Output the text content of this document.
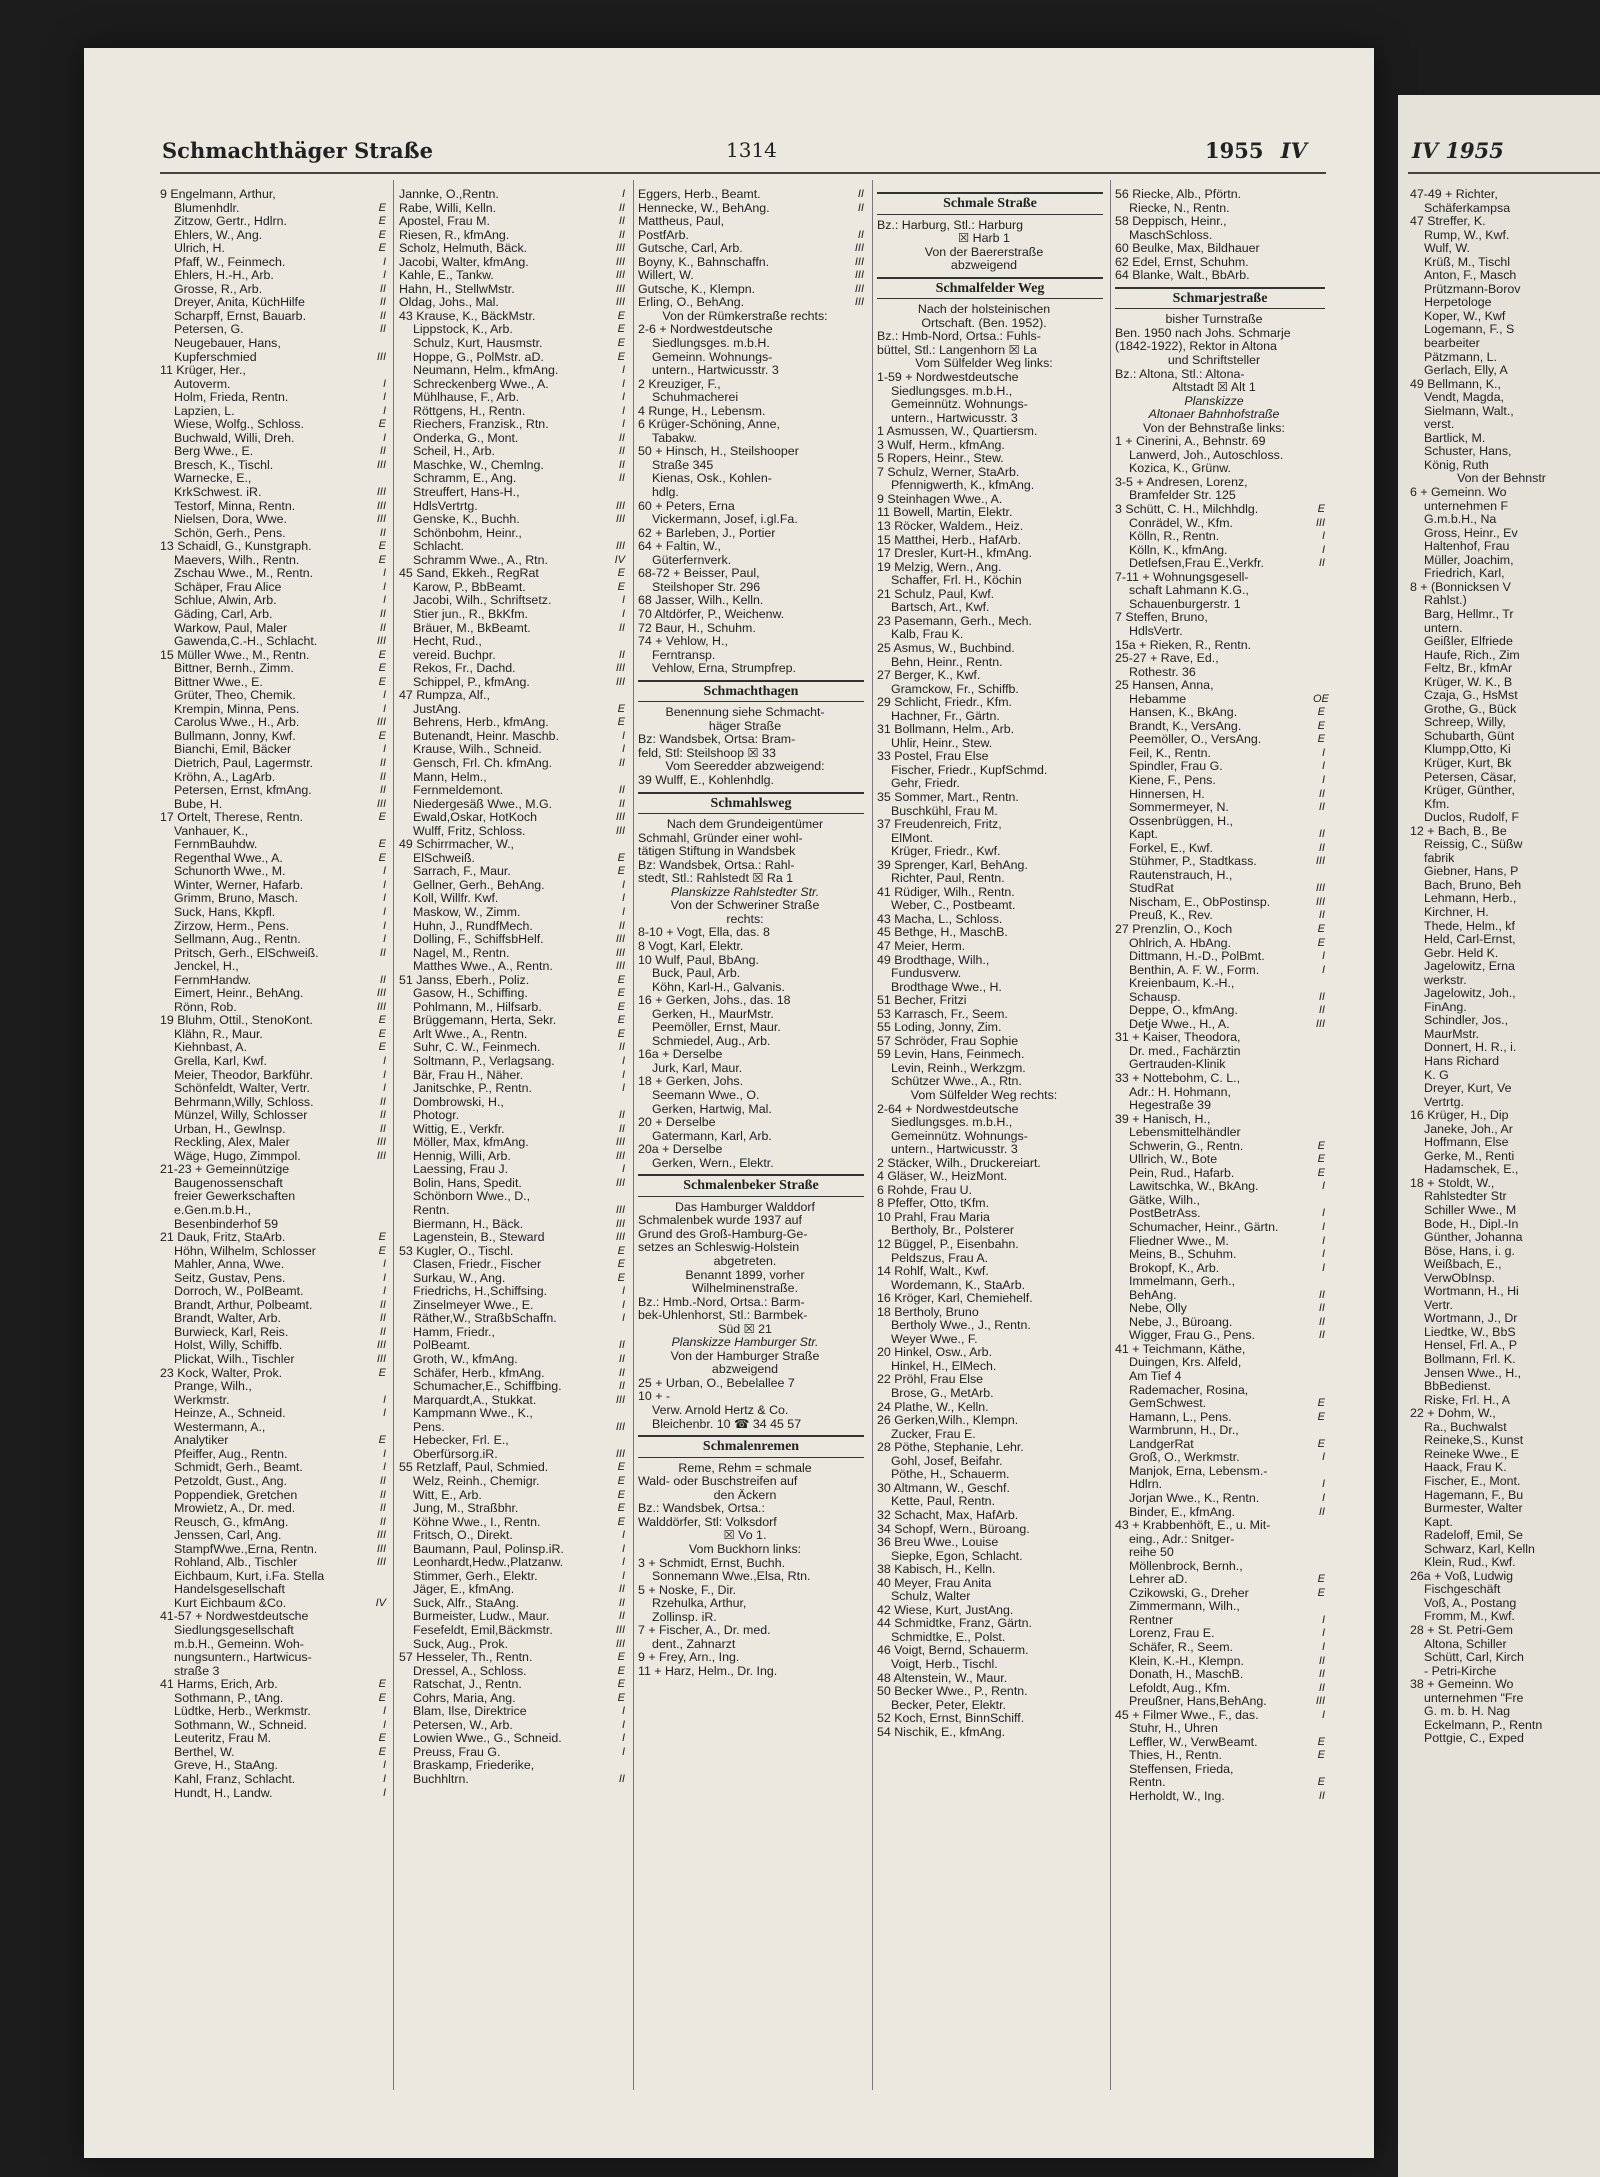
Schmachthäger Straße	1314	1955 IV	IV 1955
9 Engelmann, Arthur,
Blumenhdlr.	E
Zitzow, Gertr., Hdlrn.	E
Ehlers, W., Ang.	E
Ulrich, H.	E
Pfaff, W., Feinmech.	I
Ehlers, H.-H., Arb.	I
Grosse, R., Arb.	II
Dreyer, Anita, KüchHilfe	II
Scharpff, Ernst, Bauarb.	II
Petersen, G.	II
Neugebauer, Hans,
Kupferschmied	III
11 Krüger, Her.,
Autoverm.	I
Holm, Frieda, Rentn.	I
Lapzien, L.	I
Wiese, Wolfg., Schloss.	E
Buchwald, Willi, Dreh.	I
Berg Wwe., E.	II
Bresch, K., Tischl.	III
Warnecke, E.,
KrkSchwest. iR.	III
Testorf, Minna, Rentn.	III
Nielsen, Dora, Wwe.	III
Schön, Gerh., Pens.	II
13 Schaidl, G., Kunstgraph.	E
Maevers, Wilh., Rentn.	E
Zschau Wwe., M., Rentn.	I
Schäper, Frau Alice	I
Schlue, Alwin, Arb.	I
Gäding, Carl, Arb.	II
Warkow, Paul, Maler	II
Gawenda,C.-H., Schlacht.	III
15 Müller Wwe., M., Rentn.	E
Bittner, Bernh., Zimm.	E
Bittner Wwe., E.	E
Grüter, Theo, Chemik.	I
Krempin, Minna, Pens.	I
Carolus Wwe., H., Arb.	III
Bullmann, Jonny, Kwf.	E
Bianchi, Emil, Bäcker	I
Dietrich, Paul, Lagermstr.	II
Kröhn, A., LagArb.	II
Petersen, Ernst, kfmAng.	II
Bube, H.	III
17 Ortelt, Therese, Rentn.	E
Vanhauer, K.,
FernmBauhdw.	E
Regenthal Wwe., A.	E
Schunorth Wwe., M.	I
Winter, Werner, Hafarb.	I
Grimm, Bruno, Masch.	I
Suck, Hans, Kkpfl.	I
Zirzow, Herm., Pens.	I
Sellmann, Aug., Rentn.	I
Pritsch, Gerh., ElSchweiß.	II
Jenckel, H.,
FernmHandw.	II
Eimert, Heinr., BehAng.	III
Rönn, Rob.	III
19 Bluhm, Ottil., StenoKont.	E
Klähn, R., Maur.	E
Kiehnbast, A.	E
Grella, Karl, Kwf.	I
Meier, Theodor, Barkführ.	I
Schönfeldt, Walter, Vertr.	I
Behrmann,Willy, Schloss.	II
Münzel, Willy, Schlosser	II
Urban, H., Gewlnsp.	II
Reckling, Alex, Maler	III
Wäge, Hugo, Zimmpol.	III
21-23 + Gemeinnützige
Baugenossenschaft
freier Gewerkschaften
e.Gen.m.b.H.,
Besenbinderhof 59
21 Dauk, Fritz, StaArb.	E
Höhn, Wilhelm, Schlosser	E
Mahler, Anna, Wwe.	I
Seitz, Gustav, Pens.	I
Dorroch, W., PolBeamt.	I
Brandt, Arthur, Polbeamt.	II
Brandt, Walter, Arb.	II
Burwieck, Karl, Reis.	II
Holst, Willy, Schiffb.	III
Plickat, Wilh., Tischler	III
23 Kock, Walter, Prok.	E
Prange, Wilh.,
Werkmstr.	I
Heinze, A., Schneid.	I
Westermann, A.,
Analytiker	E
Pfeiffer, Aug., Rentn.	I
Schmidt, Gerh., Beamt.	I
Petzoldt, Gust., Ang.	II
Poppendiek, Gretchen	II
Mrowietz, A., Dr. med.	II
Reusch, G., kfmAng.	II
Jenssen, Carl, Ang.	III
StampfWwe.,Erna, Rentn.	III
Rohland, Alb., Tischler	III
Eichbaum, Kurt, i.Fa. Stella
Handelsgesellschaft
Kurt Eichbaum &Co.	IV
41-57 + Nordwestdeutsche
Siedlungsgesellschaft
m.b.H., Gemeinn. Woh-
nungsuntern., Hartwicus-
straße 3
41 Harms, Erich, Arb.	E
Sothmann, P., tAng.	E
Lüdtke, Herb., Werkmstr.	I
Sothmann, W., Schneid.	I
Leuteritz, Frau M.	E
Berthel, W.	E
Greve, H., StaAng.	I
Kahl, Franz, Schlacht.	I
Hundt, H., Landw.	I
Jannke, O.,Rentn.	I
Rabe, Willi, Kelln.	II
Apostel, Frau M.	II
Riesen, R., kfmAng.	II
Scholz, Helmuth, Bäck.	III
Jacobi, Walter, kfmAng.	III
Kahle, E., Tankw.	III
Hahn, H., StellwMstr.	III
Oldag, Johs., Mal.	III
43 Krause, K., BäckMstr.	E
Lippstock, K., Arb.	E
Schulz, Kurt, Hausmstr.	E
Hoppe, G., PolMstr. aD.	E
Neumann, Helm., kfmAng.	I
Schreckenberg Wwe., A.	I
Mühlhause, F., Arb.	I
Röttgens, H., Rentn.	I
Riechers, Franzisk., Rtn.	I
Onderka, G., Mont.	II
Scheil, H., Arb.	II
Maschke, W., Chemlng.	II
Schramm, E., Ang.	II
Streuffert, Hans-H.,
HdlsVertrtg.	III
Genske, K., Buchh.	III
Schönbohm, Heinr.,
Schlacht.	III
Schramm Wwe., A., Rtn.	IV
45 Sand, Ekkeh., RegRat	E
Karow, P., BbBeamt.	E
Jacobi, Wilh., Schriftsetz.	I
Stier jun., R., BkKfm.	I
Bräuer, M., BkBeamt.	II
Hecht, Rud.,
vereid. Buchpr.	II
Rekos, Fr., Dachd.	III
Schippel, P., kfmAng.	III
47 Rumpza, Alf.,
JustAng.	E
Behrens, Herb., kfmAng.	E
Butenandt, Heinr. Maschb.	I
Krause, Wilh., Schneid.	I
Gensch, Frl. Ch. kfmAng.	II
Mann, Helm.,
Fernmeldemont.	II
Niedergesäß Wwe., M.G.	II
Ewald,Oskar, HotKoch	III
Wulff, Fritz, Schloss.	III
49 Schirrmacher, W.,
ElSchweiß.	E
Sarrach, F., Maur.	E
Gellner, Gerh., BehAng.	I
Koll, Willfr. Kwf.	I
Maskow, W., Zimm.	I
Huhn, J., RundfMech.	II
Dolling, F., SchiffsbHelf.	III
Nagel, M., Rentn.	III
Matthes Wwe., A., Rentn.	III
51 Janss, Eberh., Poliz.	E
Gasow, H., Schiffing.	E
Pohlmann, M., Hilfsarb.	E
Brüggemann, Herta, Sekr.	E
Arlt Wwe., A., Rentn.	E
Suhr, C. W., Feinmech.	II
Soltmann, P., Verlagsang.	I
Bär, Frau H., Näher.	I
Janitschke, P., Rentn.	I
Dombrowski, H.,
Photogr.	II
Wittig, E., Verkfr.	II
Möller, Max, kfmAng.	III
Hennig, Willi, Arb.	III
Laessing, Frau J.	I
Bolin, Hans, Spedit.	III
Schönborn Wwe., D.,
Rentn.	III
Biermann, H., Bäck.	III
Lagenstein, B., Steward	III
53 Kugler, O., Tischl.	E
Clasen, Friedr., Fischer	E
Surkau, W., Ang.	E
Friedrichs, H.,Schiffsing.	I
Zinselmeyer Wwe., E.	I
Räther,W., StraßbSchaffn.	I
Hamm, Friedr.,
PolBeamt.	II
Groth, W., kfmAng.	II
Schäfer, Herb., kfmAng.	II
Schumacher,E., Schiffbing.	II
Marquardt,A., Stukkat.	III
Kampmann Wwe., K.,
Pens.	III
Hebecker, Frl. E.,
Oberfürsorg.iR.	III
55 Retzlaff, Paul, Schmied.	E
Welz, Reinh., Chemigr.	E
Witt, E., Arb.	E
Jung, M., Straßbhr.	E
Köhne Wwe., I., Rentn.	E
Fritsch, O., Direkt.	I
Baumann, Paul, Polinsp.iR.	I
Leonhardt,Hedw.,Platzanw.	I
Stimmer, Gerh., Elektr.	I
Jäger, E., kfmAng.	II
Suck, Alfr., StaAng.	II
Burmeister, Ludw., Maur.	II
Fesefeldt, Emil,Bäckmstr.	III
Suck, Aug., Prok.	III
57 Hesseler, Th., Rentn.	E
Dressel, A., Schloss.	E
Ratschat, J., Rentn.	E
Cohrs, Maria, Ang.	E
Blam, Ilse, Direktrice	I
Petersen, W., Arb.	I
Lowien Wwe., G., Schneid.	I
Preuss, Frau G.	I
Braskamp, Friederike,
Buchhltrn.	II
Eggers, Herb., Beamt.	II
Hennecke, W., BehAng.	II
Mattheus, Paul,
PostfArb.	II
Gutsche, Carl, Arb.	III
Boyny, K., Bahnschaffn.	III
Willert, W.	III
Gutsche, K., Klempn.	III
Erling, O., BehAng.	III
Von der Rümkerstraße rechts:
2-6 + Nordwestdeutsche
Siedlungsges. m.b.H.
Gemeinn. Wohnungs-
untern., Hartwicusstr. 3
2 Kreuziger, F.,
Schuhmacherei
4 Runge, H., Lebensm.
6 Krüger-Schöning, Anne,
Tabakw.
50 + Hinsch, H., Steilshooper
Straße 345
Kienas, Osk., Kohlen-
hdlg.
60 + Peters, Erna
Vickermann, Josef, i.gl.Fa.
62 + Barleben, J., Portier
64 + Faltin, W.,
Güterfernverk.
68-72 + Beisser, Paul,
Steilshoper Str. 296
68 Jasser, Wilh., Kelln.
70 Altdörfer, P., Weichenw.
72 Baur, H., Schuhm.
74 + Vehlow, H.,
Ferntransp.
Vehlow, Erna, Strumpfrep.
Schmachthagen
Benennung siehe Schmacht-
häger Straße
Bz: Wandsbek, Ortsa: Bram-
feld, Stl: Steilshoop ☒ 33
Vom Seeredder abzweigend:
39 Wulff, E., Kohlenhdlg.
Schmahlsweg
Nach dem Grundeigentümer
Schmahl, Gründer einer wohl-
tätigen Stiftung in Wandsbek
Bz: Wandsbek, Ortsa.: Rahl-
stedt, Stl.: Rahlstedt ☒ Ra 1
Planskizze Rahlstedter Str.
Von der Schweriner Straße
rechts:
8-10 + Vogt, Ella, das. 8
8 Vogt, Karl, Elektr.
10 Wulf, Paul, BbAng.
Buck, Paul, Arb.
Köhn, Karl-H., Galvanis.
16 + Gerken, Johs., das. 18
Gerken, H., MaurMstr.
Peemöller, Ernst, Maur.
Schmiedel, Aug., Arb.
16a + Derselbe
Jurk, Karl, Maur.
18 + Gerken, Johs.
Seemann Wwe., O.
Gerken, Hartwig, Mal.
20 + Derselbe
Gatermann, Karl, Arb.
20a + Derselbe
Gerken, Wern., Elektr.
Schmalenbeker Straße
Das Hamburger Walddorf
Schmalenbek wurde 1937 auf
Grund des Groß-Hamburg-Ge-
setzes an Schleswig-Holstein
abgetreten.
Benannt 1899, vorher
Wilhelminenstraße.
Bz.: Hmb.-Nord, Ortsa.: Barm-
bek-Uhlenhorst, Stl.: Barmbek-
Süd ☒ 21
Planskizze Hamburger Str.
Von der Hamburger Straße
abzweigend
25 + Urban, O., Bebelallee 7
10 + -
Verw. Arnold Hertz & Co.
Bleichenbr. 10 ☎ 34 45 57
Schmalenremen
Reme, Rehm = schmale
Wald- oder Buschstreifen auf
den Äckern
Bz.: Wandsbek, Ortsa.:
Walddörfer, Stl: Volksdorf
☒ Vo 1.
Vom Buckhorn links:
3 + Schmidt, Ernst, Buchh.
Sonnemann Wwe.,Elsa, Rtn.
5 + Noske, F., Dir.
Rzehulka, Arthur,
Zollinsp. iR.
7 + Fischer, A., Dr. med.
dent., Zahnarzt
9 + Frey, Arn., Ing.
11 + Harz, Helm., Dr. Ing.
Schmale Straße
Bz.: Harburg, Stl.: Harburg
☒ Harb 1
Von der Baererstraße
abzweigend
Schmalfelder Weg
Nach der holsteinischen
Ortschaft. (Ben. 1952).
Bz.: Hmb-Nord, Ortsa.: Fuhls-
büttel, Stl.: Langenhorn ☒ La
Vom Sülfelder Weg links:
1-59 + Nordwestdeutsche
Siedlungsges. m.b.H.,
Gemeinnütz. Wohnungs-
untern., Hartwicusstr. 3
1 Asmussen, W., Quartiersm.
3 Wulf, Herm., kfmAng.
5 Ropers, Heinr., Stew.
7 Schulz, Werner, StaArb.
Pfennigwerth, K., kfmAng.
9 Steinhagen Wwe., A.
11 Bowell, Martin, Elektr.
13 Röcker, Waldem., Heiz.
15 Matthei, Herb., HafArb.
17 Dresler, Kurt-H., kfmAng.
19 Melzig, Wern., Ang.
Schaffer, Frl. H., Köchin
21 Schulz, Paul, Kwf.
Bartsch, Art., Kwf.
23 Pasemann, Gerh., Mech.
Kalb, Frau K.
25 Asmus, W., Buchbind.
Behn, Heinr., Rentn.
27 Berger, K., Kwf.
Gramckow, Fr., Schiffb.
29 Schlicht, Friedr., Kfm.
Hachner, Fr., Gärtn.
31 Bollmann, Helm., Arb.
Uhlir, Heinr., Stew.
33 Postel, Frau Else
Fischer, Friedr., KupfSchmd.
Gehr, Friedr.
35 Sommer, Mart., Rentn.
Buschkühl, Frau M.
37 Freudenreich, Fritz,
ElMont.
Krüger, Friedr., Kwf.
39 Sprenger, Karl, BehAng.
Richter, Paul, Rentn.
41 Rüdiger, Wilh., Rentn.
Weber, C., Postbeamt.
43 Macha, L., Schloss.
45 Bethge, H., MaschB.
47 Meier, Herm.
49 Brodthage, Wilh.,
Fundusverw.
Brodthage Wwe., H.
51 Becher, Fritzi
53 Karrasch, Fr., Seem.
55 Loding, Jonny, Zim.
57 Schröder, Frau Sophie
59 Levin, Hans, Feinmech.
Levin, Reinh., Werkzgm.
Schützer Wwe., A., Rtn.
Vom Sülfelder Weg rechts:
2-64 + Nordwestdeutsche
Siedlungsges. m.b.H.,
Gemeinnütz. Wohnungs-
untern., Hartwicusstr. 3
2 Stäcker, Wilh., Druckereiart.
4 Gläser, W., HeizMont.
6 Rohde, Frau U.
8 Pfeffer, Otto, tKfm.
10 Prahl, Frau Maria
Bertholy, Br., Polsterer
12 Büggel, P., Eisenbahn.
Peldszus, Frau A.
14 Rohlf, Walt., Kwf.
Wordemann, K., StaArb.
16 Kröger, Karl, Chemiehelf.
18 Bertholy, Bruno
Bertholy Wwe., J., Rentn.
Weyer Wwe., F.
20 Hinkel, Osw., Arb.
Hinkel, H., ElMech.
22 Pröhl, Frau Else
Brose, G., MetArb.
24 Plathe, W., Kelln.
26 Gerken,Wilh., Klempn.
Zucker, Frau E.
28 Pöthe, Stephanie, Lehr.
Gohl, Josef, Beifahr.
Pöthe, H., Schauerm.
30 Altmann, W., Geschf.
Kette, Paul, Rentn.
32 Schacht, Max, HafArb.
34 Schopf, Wern., Büroang.
36 Breu Wwe., Louise
Siepke, Egon, Schlacht.
38 Kabisch, H., Kelln.
40 Meyer, Frau Anita
Schulz, Walter
42 Wiese, Kurt, JustAng.
44 Schmidtke, Franz, Gärtn.
Schmidtke, E., Polst.
46 Voigt, Bernd, Schauerm.
Voigt, Herb., Tischl.
48 Altenstein, W., Maur.
50 Becker Wwe., P., Rentn.
Becker, Peter, Elektr.
52 Koch, Ernst, BinnSchiff.
54 Nischik, E., kfmAng.
56 Riecke, Alb., Pförtn.
Riecke, N., Rentn.
58 Deppisch, Heinr.,
MaschSchloss.
60 Beulke, Max, Bildhauer
62 Edel, Ernst, Schuhm.
64 Blanke, Walt., BbArb.
Schmarjestraße
bisher Turnstraße
Ben. 1950 nach Johs. Schmarje
(1842-1922), Rektor in Altona
und Schriftsteller
Bz.: Altona, Stl.: Altona-
Altstadt ☒ Alt 1
Planskizze
Altonaer Bahnhofstraße
Von der Behnstraße links:
1 + Cinerini, A., Behnstr. 69
Lanwerd, Joh., Autoschloss.
Kozica, K., Grünw.
3-5 + Andresen, Lorenz,
Bramfelder Str. 125
3 Schütt, C. H., Milchhdlg.	E
Conrädel, W., Kfm.	III
Kölln, R., Rentn.	I
Kölln, K., kfmAng.	I
Detlefsen,Frau E.,Verkfr.	II
7-11 + Wohnungsgesell-
schaft Lahmann K.G.,
Schauenburgerstr. 1
7 Steffen, Bruno,
HdlsVertr.
15a + Rieken, R., Rentn.
25-27 + Rave, Ed.,
Rothestr. 36
25 Hansen, Anna,
Hebamme	OE
Hansen, K., BkAng.	E
Brandt, K., VersAng.	E
Peemöller, O., VersAng.	E
Feil, K., Rentn.	I
Spindler, Frau G.	I
Kiene, F., Pens.	I
Hinnersen, H.	II
Sommermeyer, N.	II
Ossenbrüggen, H.,
Kapt.	II
Forkel, E., Kwf.	II
Stühmer, P., Stadtkass.	III
Rautenstrauch, H.,
StudRat	III
Nischam, E., ObPostinsp.	III
Preuß, K., Rev.	II
27 Prenzlin, O., Koch	E
Ohlrich, A. HbAng.	E
Dittmann, H.-D., PolBmt.	I
Benthin, A. F. W., Form.	I
Kreienbaum, K.-H.,
Schausp.	II
Deppe, O., kfmAng.	II
Detje Wwe., H., A.	III
31 + Kaiser, Theodora,
Dr. med., Fachärztin
Gertrauden-Klinik
33 + Nottebohm, C. L.,
Adr.: H. Hohmann,
Hegestraße 39
39 + Hanisch, H.,
Lebensmittelhändler
Schwerin, G., Rentn.	E
Ullrich, W., Bote	E
Pein, Rud., Hafarb.	E
Lawitschka, W., BkAng.	I
Gätke, Wilh.,
PostBetrAss.	I
Schumacher, Heinr., Gärtn.	I
Fliedner Wwe., M.	I
Meins, B., Schuhm.	I
Brokopf, K., Arb.	I
Immelmann, Gerh.,
BehAng.	II
Nebe, Olly	II
Nebe, J., Büroang.	II
Wigger, Frau G., Pens.	II
41 + Teichmann, Käthe,
Duingen, Krs. Alfeld,
Am Tief 4
Rademacher, Rosina,
GemSchwest.	E
Hamann, L., Pens.	E
Warmbrunn, H., Dr.,
LandgerRat	E
Groß, O., Werkmstr.	I
Manjok, Erna, Lebensm.-
Hdlrn.	I
Jorjan Wwe., K., Rentn.	I
Binder, E., kfmAng.	II
43 + Krabbenhöft, E., u. Mit-
eing., Adr.: Snitger-
reihe 50
Möllenbrock, Bernh.,
Lehrer aD.	E
Czikowski, G., Dreher	E
Zimmermann, Wilh.,
Rentner	I
Lorenz, Frau E.	I
Schäfer, R., Seem.	I
Klein, K.-H., Klempn.	II
Donath, H., MaschB.	II
Lefoldt, Aug., Kfm.	II
Preußner, Hans,BehAng.	III
45 + Filmer Wwe., F., das.	I
Stuhr, H., Uhren
Leffler, W., VerwBeamt.	E
Thies, H., Rentn.	E
Steffensen, Frieda,
Rentn.	E
Herholdt, W., Ing.	II
47-49 + Richter,
Schäferkampsa
47 Streffer, K.
Rump, W., Kwf.
Wulf, W.
Krüß, M., Tischl
Anton, F., Masch
Prützmann-Borov
Herpetologe
Koper, W., Kwf
Logemann, F., S
bearbeiter
Pätzmann, L.
Gerlach, Elly, A
49 Bellmann, K.,
Vendt, Magda,
Sielmann, Walt.,
verst.
Bartlick, M.
Schuster, Hans,
König, Ruth
Von der Behnstr
6 + Gemeinn. Wo
unternehmen F
G.m.b.H., Na
Gross, Heinr., Ev
Haltenhof, Frau
Müller, Joachim,
Friedrich, Karl,
8 + (Bonnicksen V
Rahlst.)
Barg, Hellmr., Tr
untern.
Geißler, Elfriede
Haufe, Rich., Zim
Feltz, Br., kfmAr
Krüger, W. K., B
Czaja, G., HsMst
Grothe, G., Bück
Schreep, Willy,
Schubarth, Günt
Klumpp,Otto, Ki
Krüger, Kurt, Bk
Petersen, Cäsar,
Krüger, Günther,
Kfm.
Duclos, Rudolf, F
12 + Bach, B., Be
Reissig, C., Süßw
fabrik
Giebner, Hans, P
Bach, Bruno, Beh
Lehmann, Herb.,
Kirchner, H.
Thede, Helm., kf
Held, Carl-Ernst,
Gebr. Held K.
Jagelowitz, Erna
werkstr.
Jagelowitz, Joh.,
FinAng.
Schindler, Jos.,
MaurMstr.
Donnert, H. R., i.
Hans Richard
K. G
Dreyer, Kurt, Ve
Vertrtg.
16 Krüger, H., Dip
Janeke, Joh., Ar
Hoffmann, Else
Gerke, M., Renti
Hadamschek, E.,
18 + Stoldt, W.,
Rahlstedter Str
Schiller Wwe., M
Bode, H., Dipl.-In
Günther, Johanna
Böse, Hans, i. g.
Weißbach, E.,
VerwObInsp.
Wortmann, H., Hi
Vertr.
Wortmann, J., Dr
Liedtke, W., BbS
Hensel, Frl. A., P
Bollmann, Frl. K.
Jensen Wwe., H.,
BbBedienst.
Riske, Frl. H., A
22 + Dohm, W.,
Ra., Buchwalst
Reineke,S., Kunst
Reineke Wwe., E
Haack, Frau K.
Fischer, E., Mont.
Hagemann, F., Bu
Burmester, Walter
Kapt.
Radeloff, Emil, Se
Schwarz, Karl, Kelln
Klein, Rud., Kwf.
26a + Voß, Ludwig
Fischgeschäft
Voß, A., Postang
Fromm, M., Kwf.
28 + St. Petri-Gem
Altona, Schiller
Schütt, Carl, Kirch
- Petri-Kirche
38 + Gemeinn. Wo
unternehmen "Fre
G. m. b. H. Nag
Eckelmann, P., Rentn
Pottgie, C., Exped
